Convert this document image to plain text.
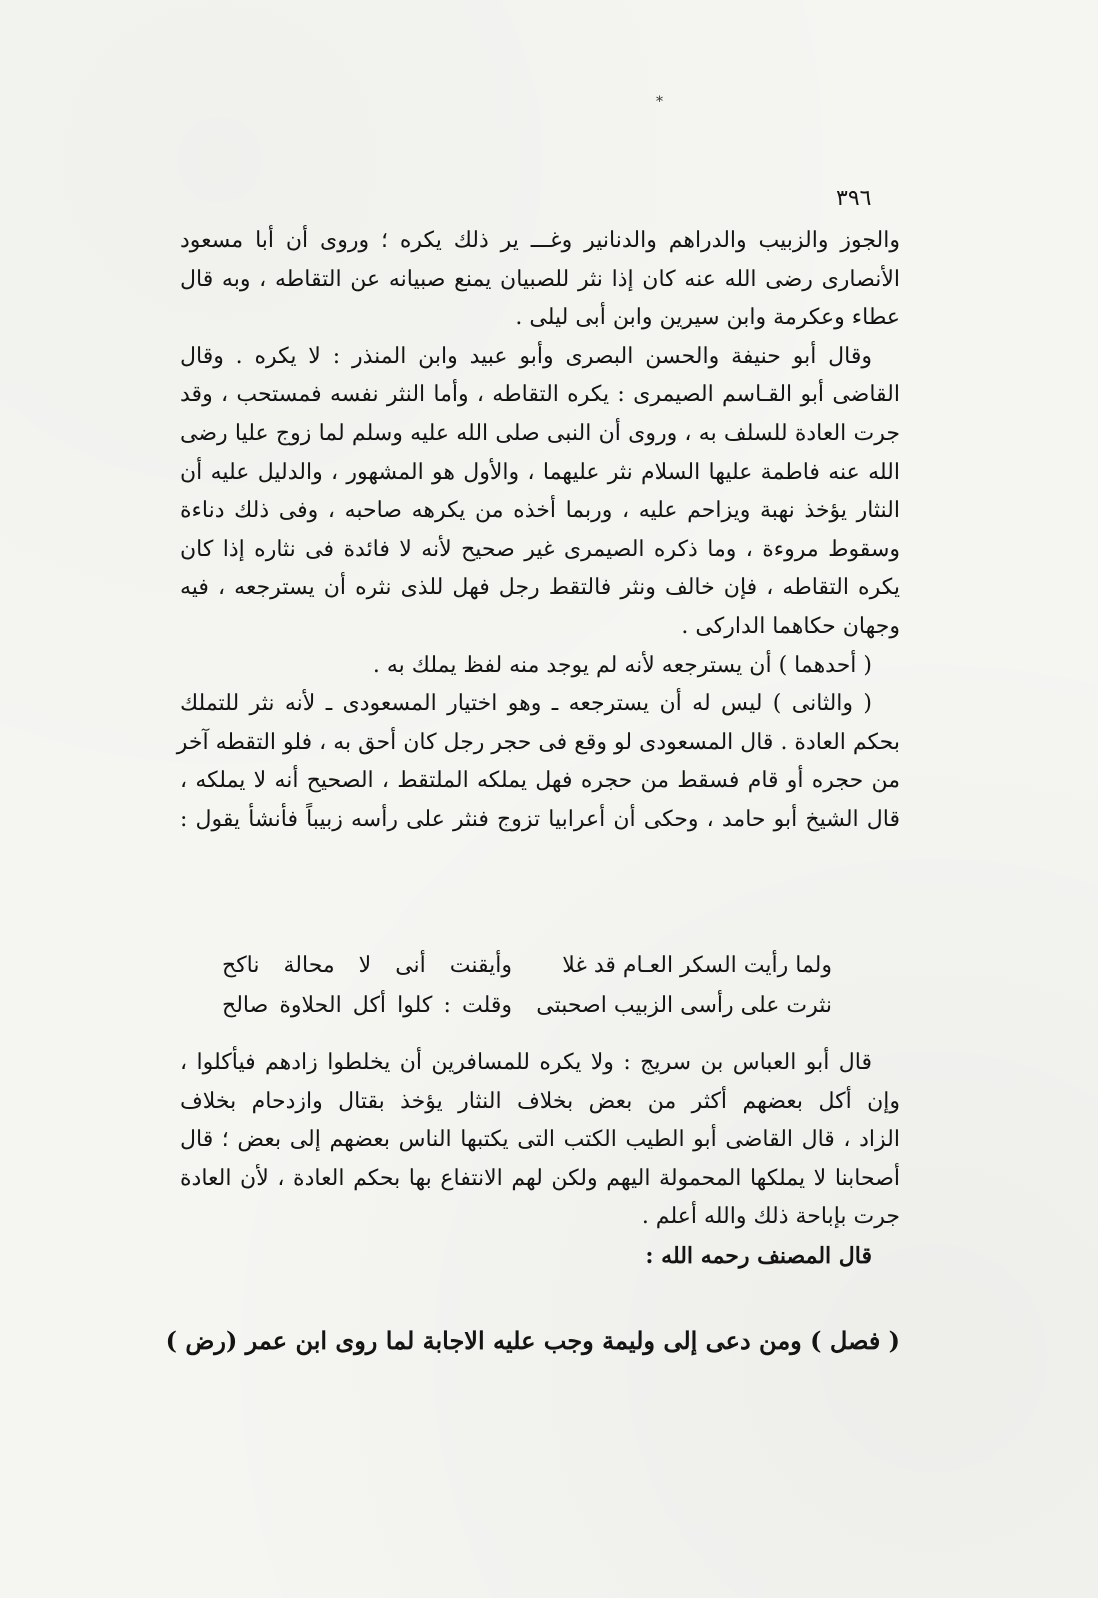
*
٣٩٦
والجوز والزبيب والدراهم والدنانير وغـــ ير ذلك يكره ؛ وروى أن أبا مسعود
الأنصارى رضى الله عنه كان إذا نثر للصبيان يمنع صبيانه عن التقاطه ، وبه قال
عطاء وعكرمة وابن سيرين وابن أبى ليلى .
وقال أبو حنيفة والحسن البصرى وأبو عبيد وابن المنذر : لا يكره . وقال
القاضى أبو القـاسم الصيمرى : يكره التقاطه ، وأما النثر نفسه فمستحب ، وقد
جرت العادة للسلف به ، وروى أن النبى صلى الله عليه وسلم لما زوج عليا رضى
الله عنه فاطمة عليها السلام نثر عليهما ، والأول هو المشهور ، والدليل عليه أن
النثار يؤخذ نهبة ويزاحم عليه ، وربما أخذه من يكرهه صاحبه ، وفى ذلك دناءة
وسقوط مروءة ، وما ذكره الصيمرى غير صحيح لأنه لا فائدة فى نثاره إذا كان
يكره التقاطه ، فإن خالف ونثر فالتقط رجل فهل للذى نثره أن يسترجعه ، فيه
وجهان حكاهما الداركى .
( أحدهما ) أن يسترجعه لأنه لم يوجد منه لفظ يملك به .
( والثانى ) ليس له أن يسترجعه ـ وهو اختيار المسعودى ـ لأنه نثر للتملك
بحكم العادة . قال المسعودى لو وقع فى حجر رجل كان أحق به ، فلو التقطه آخر
من حجره أو قام فسقط من حجره فهل يملكه الملتقط ، الصحيح أنه لا يملكه ،
قال الشيخ أبو حامد ، وحكى أن أعرابيا تزوج فنثر على رأسه زبيباً فأنشأ يقول :
ولما رأيت السكر العـام قد غلا
وأيقنت أنى لا محالة ناكح
نثرت على رأسى الزبيب اصحبتى
وقلت : كلوا أكل الحلاوة صالح
قال أبو العباس بن سريج : ولا يكره للمسافرين أن يخلطوا زادهم فيأكلوا ،
وإن أكل بعضهم أكثر من بعض بخلاف النثار يؤخذ بقتال وازدحام بخلاف
الزاد ، قال القاضى أبو الطيب الكتب التى يكتبها الناس بعضهم إلى بعض ؛ قال
أصحابنا لا يملكها المحمولة اليهم ولكن لهم الانتفاع بها بحكم العادة ، لأن العادة
جرت بإباحة ذلك والله أعلم .
قال المصنف رحمه الله :
( فصل ) ومن دعى إلى وليمة وجب عليه الاجابة لما روى ابن عمر (رض )
